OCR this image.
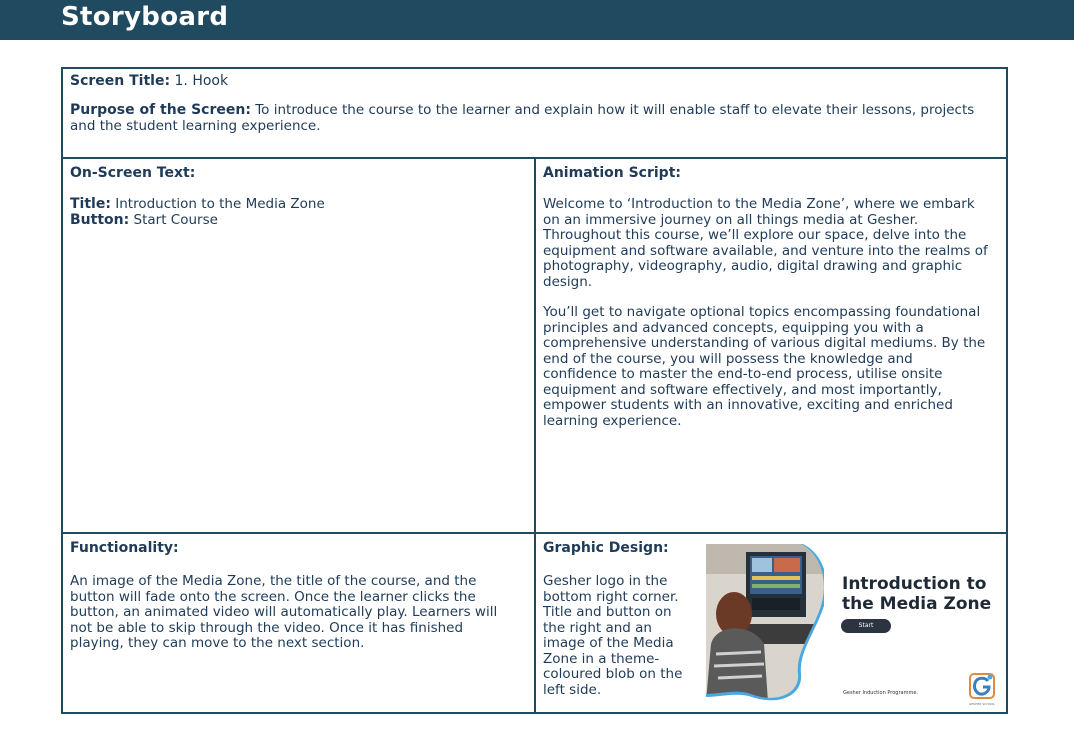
Storyboard
Screen Title: 1. Hook
Purpose of the Screen: To introduce the course to the learner and explain how it will enable staff to elevate their lessons, projects and the student learning experience.
On-Screen Text:
Title: Introduction to the Media Zone
Button: Start Course
Animation Script:

Welcome to ‘Introduction to the Media Zone’, where we embark on an immersive journey on all things media at Gesher. Throughout this course, we’ll explore our space, delve into the equipment and software available, and venture into the realms of photography, videography, audio, digital drawing and graphic design.

You’ll get to navigate optional topics encompassing foundational principles and advanced concepts, equipping you with a comprehensive understanding of various digital mediums. By the end of the course, you will possess the knowledge and confidence to master the end-to-end process, utilise onsite equipment and software effectively, and most importantly, empower students with an innovative, exciting and enriched learning experience.

Functionality:
An image of the Media Zone, the title of the course, and the button will fade onto the screen. Once the learner clicks the button, an animated video will automatically play. Learners will not be able to skip through the video. Once it has finished playing, they can move to the next section.
Graphic Design:
Gesher logo in the bottom right corner. Title and button on the right and an image of the Media Zone in a theme-coloured blob on the left side.
Introduction to the Media Zone
Start
Gesher Induction Programme.
GESHER SCHOOL
